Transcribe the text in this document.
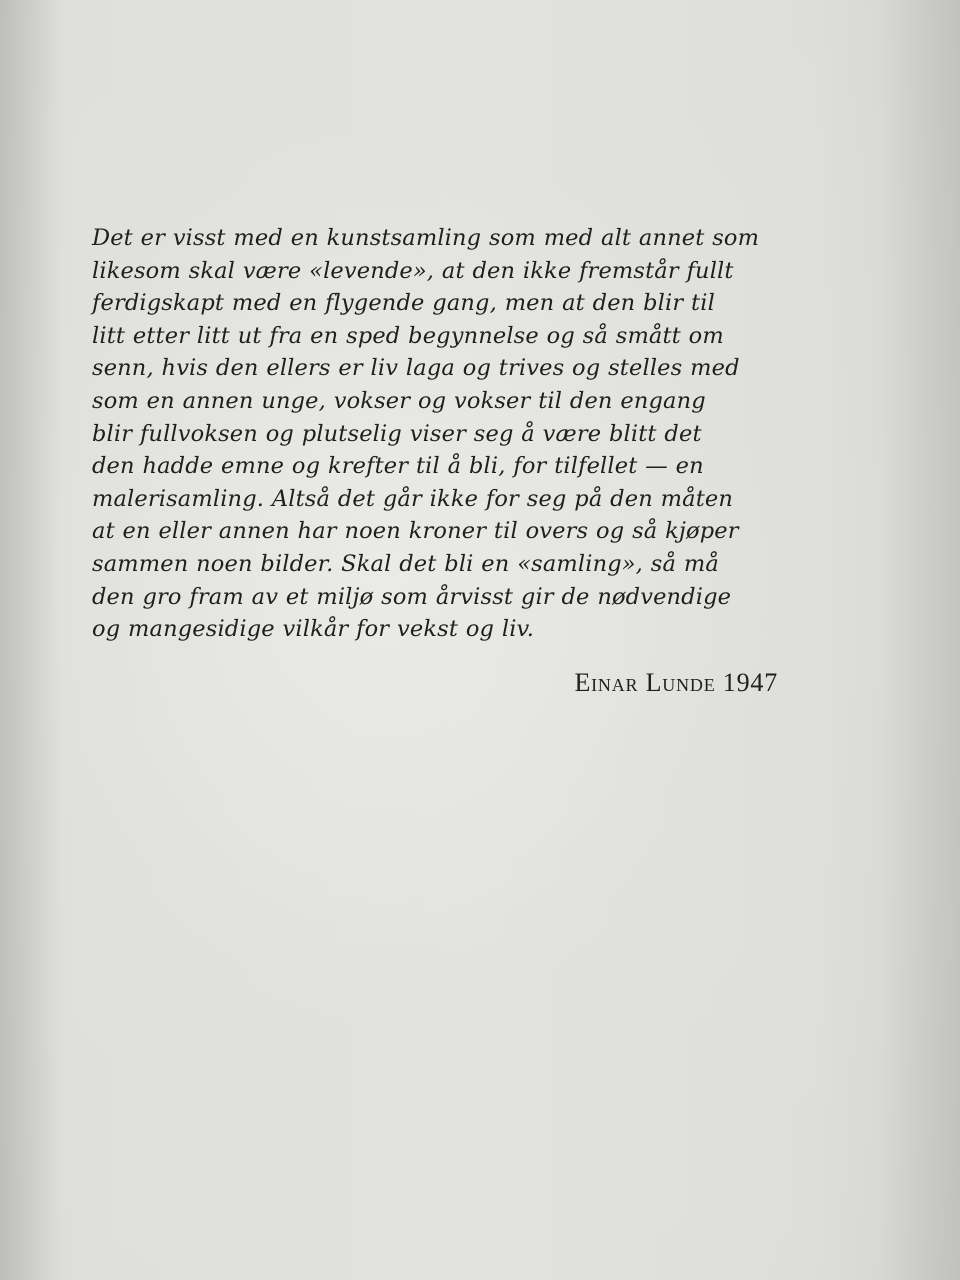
Det er visst med en kunstsamling som med alt annet som
likesom skal være «levende», at den ikke fremstår fullt
ferdigskapt med en flygende gang, men at den blir til
litt etter litt ut fra en sped begynnelse og så smått om
senn, hvis den ellers er liv laga og trives og stelles med
som en annen unge, vokser og vokser til den engang
blir fullvoksen og plutselig viser seg å være blitt det
den hadde emne og krefter til å bli, for tilfellet — en
malerisamling. Altså det går ikke for seg på den måten
at en eller annen har noen kroner til overs og så kjøper
sammen noen bilder. Skal det bli en «samling», så må
den gro fram av et miljø som årvisst gir de nødvendige
og mangesidige vilkår for vekst og liv.
Einar Lunde 1947
